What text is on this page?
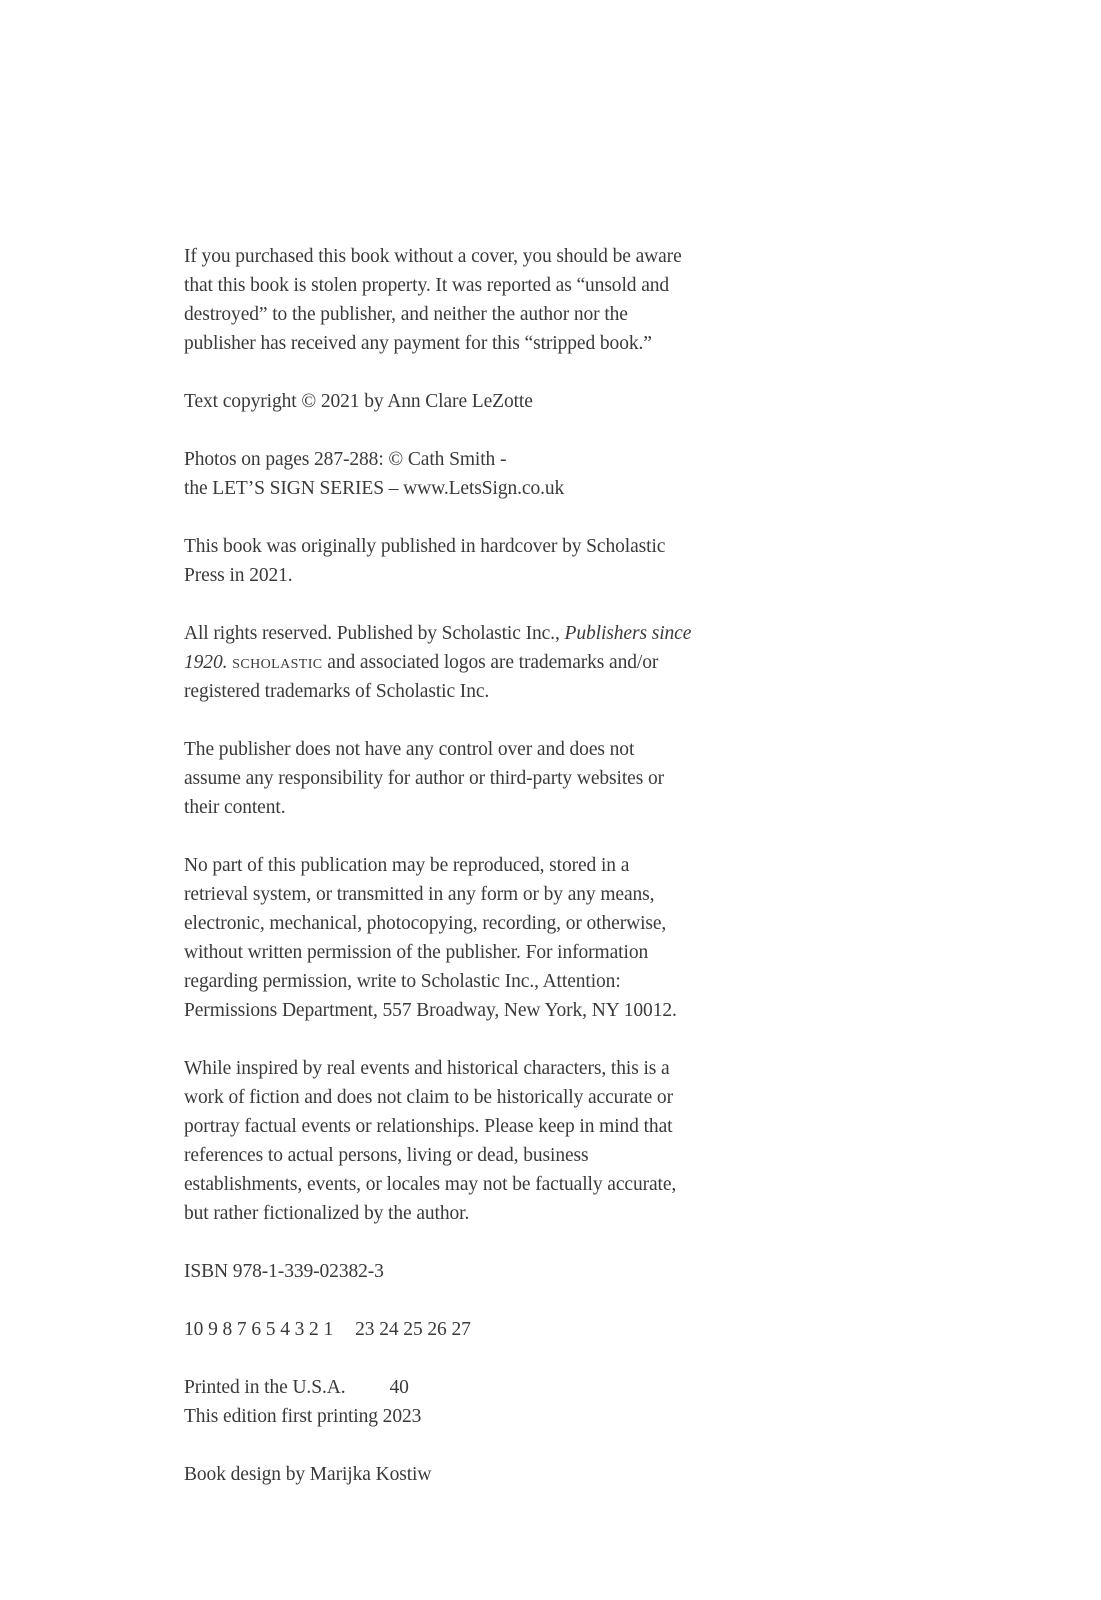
If you purchased this book without a cover, you should be aware
that this book is stolen property. It was reported as “unsold and
destroyed” to the publisher, and neither the author nor the
publisher has received any payment for this “stripped book.”
Text copyright © 2021 by Ann Clare LeZotte
Photos on pages 287-288: © Cath Smith -
the LET’S SIGN SERIES – www.LetsSign.co.uk
This book was originally published in hardcover by Scholastic
Press in 2021.
All rights reserved. Published by Scholastic Inc., Publishers since
1920. scholastic and associated logos are trademarks and/or
registered trademarks of Scholastic Inc.
The publisher does not have any control over and does not
assume any responsibility for author or third-party websites or
their content.
No part of this publication may be reproduced, stored in a
retrieval system, or transmitted in any form or by any means,
electronic, mechanical, photocopying, recording, or otherwise,
without written permission of the publisher. For information
regarding permission, write to Scholastic Inc., Attention:
Permissions Department, 557 Broadway, New York, NY 10012.
While inspired by real events and historical characters, this is a
work of fiction and does not claim to be historically accurate or
portray factual events or relationships. Please keep in mind that
references to actual persons, living or dead, business
establishments, events, or locales may not be factually accurate,
but rather fictionalized by the author.
ISBN 978-1-339-02382-3
10 9 8 7 6 5 4 3 2 1 23 24 25 26 27
Printed in the U.S.A. 40
This edition first printing 2023
Book design by Marijka Kostiw
